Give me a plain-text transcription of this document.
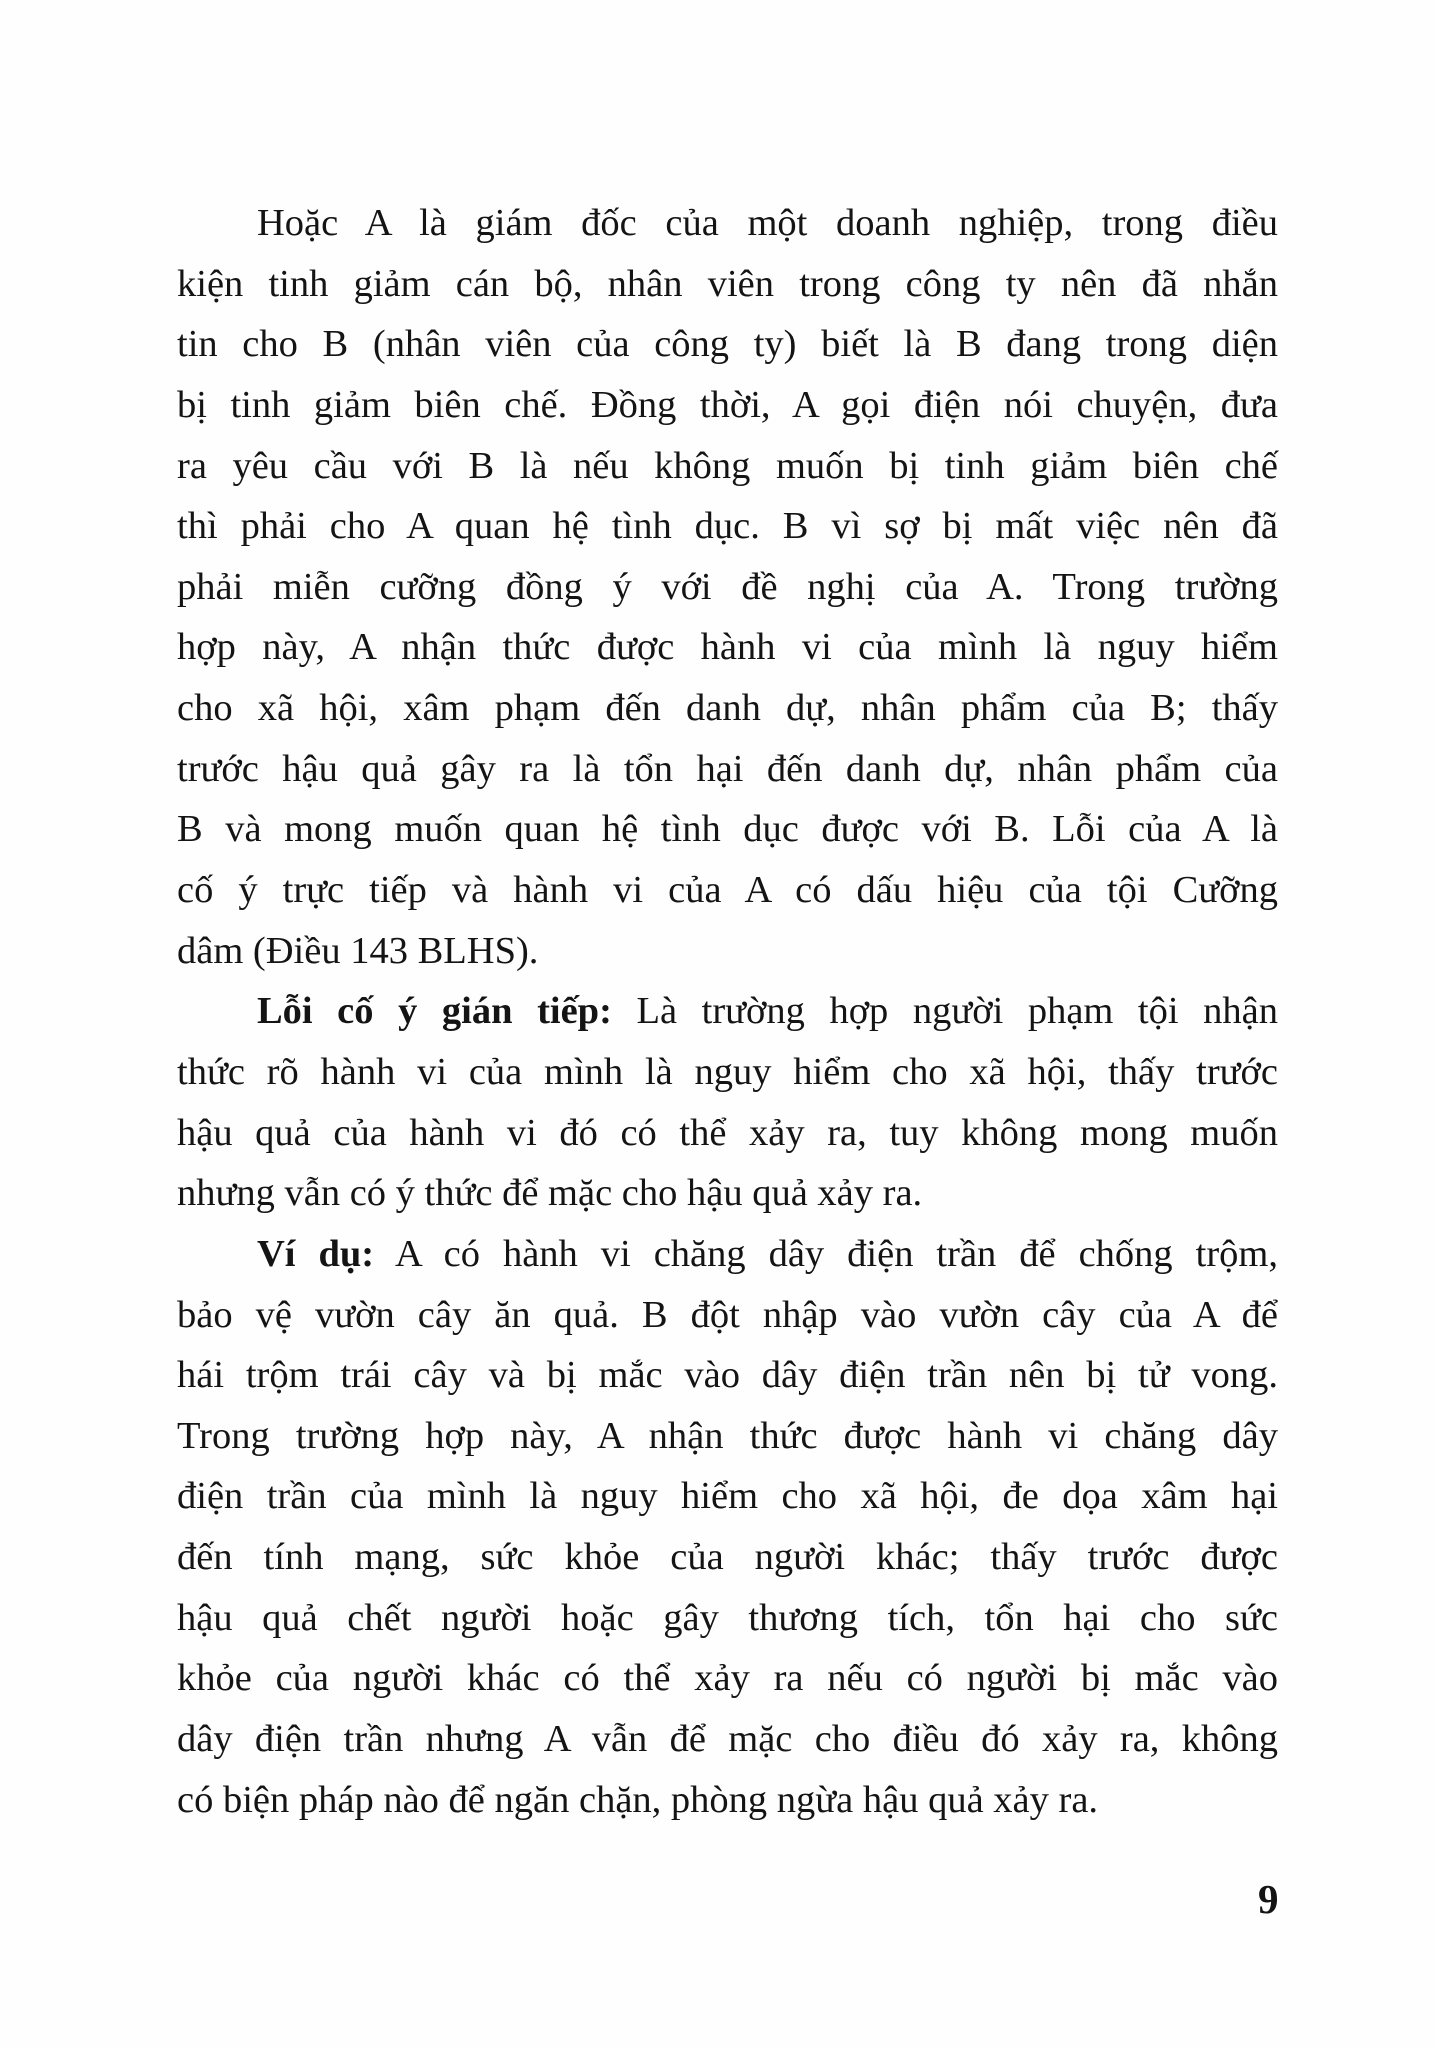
Hoặc A là giám đốc của một doanh nghiệp, trong điều
kiện tinh giảm cán bộ, nhân viên trong công ty nên đã nhắn
tin cho B (nhân viên của công ty) biết là B đang trong diện
bị tinh giảm biên chế. Đồng thời, A gọi điện nói chuyện, đưa
ra yêu cầu với B là nếu không muốn bị tinh giảm biên chế
thì phải cho A quan hệ tình dục. B vì sợ bị mất việc nên đã
phải miễn cưỡng đồng ý với đề nghị của A. Trong trường
hợp này, A nhận thức được hành vi của mình là nguy hiểm
cho xã hội, xâm phạm đến danh dự, nhân phẩm của B; thấy
trước hậu quả gây ra là tổn hại đến danh dự, nhân phẩm của
B và mong muốn quan hệ tình dục được với B. Lỗi của A là
cố ý trực tiếp và hành vi của A có dấu hiệu của tội Cưỡng
dâm (Điều 143 BLHS).
Lỗi cố ý gián tiếp: Là trường hợp người phạm tội nhận
thức rõ hành vi của mình là nguy hiểm cho xã hội, thấy trước
hậu quả của hành vi đó có thể xảy ra, tuy không mong muốn
nhưng vẫn có ý thức để mặc cho hậu quả xảy ra.
Ví dụ: A có hành vi chăng dây điện trần để chống trộm,
bảo vệ vườn cây ăn quả. B đột nhập vào vườn cây của A để
hái trộm trái cây và bị mắc vào dây điện trần nên bị tử vong.
Trong trường hợp này, A nhận thức được hành vi chăng dây
điện trần của mình là nguy hiểm cho xã hội, đe dọa xâm hại
đến tính mạng, sức khỏe của người khác; thấy trước được
hậu quả chết người hoặc gây thương tích, tổn hại cho sức
khỏe của người khác có thể xảy ra nếu có người bị mắc vào
dây điện trần nhưng A vẫn để mặc cho điều đó xảy ra, không
có biện pháp nào để ngăn chặn, phòng ngừa hậu quả xảy ra.
9
